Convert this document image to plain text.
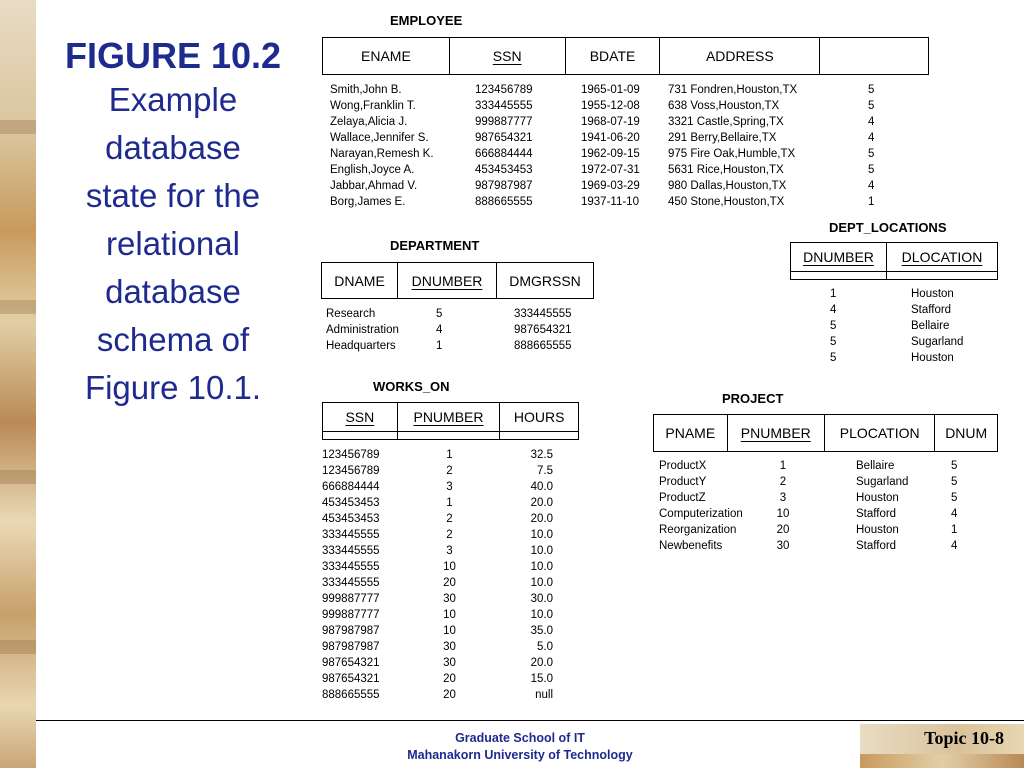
FIGURE 10.2
Example
database
state for the
relational
database
schema of
Figure 10.1.
EMPLOYEE
ENAME	SSN	BDATE	ADDRESS
Smith,John B.	123456789	1965-01-09	731 Fondren,Houston,TX	5
Wong,Franklin T.	333445555	1955-12-08	638 Voss,Houston,TX	5
Zelaya,Alicia J.	999887777	1968-07-19	3321 Castle,Spring,TX	4
Wallace,Jennifer S.	987654321	1941-06-20	291 Berry,Bellaire,TX	4
Narayan,Remesh K.	666884444	1962-09-15	975 Fire Oak,Humble,TX	5
English,Joyce A.	453453453	1972-07-31	5631 Rice,Houston,TX	5
Jabbar,Ahmad V.	987987987	1969-03-29	980 Dallas,Houston,TX	4
Borg,James E.	888665555	1937-11-10	450 Stone,Houston,TX	1
DEPARTMENT
DNAME DNUMBER DMGRSSN
Research	5	333445555
Administration	4	987654321
Headquarters	1	888665555
DEPT_LOCATIONS
DNUMBER DLOCATION
1	Houston
4	Stafford
5	Bellaire
5	Sugarland
5	Houston
WORKS_ON
SSN	PNUMBER HOURS
123456789	1	32.5
123456789	2	7.5
666884444	3	40.0
453453453	1	20.0
453453453	2	20.0
333445555	2	10.0
333445555	3	10.0
333445555	10	10.0
333445555	20	10.0
999887777	30	30.0
999887777	10	10.0
987987987	10	35.0
987987987	30	5.0
987654321	30	20.0
987654321	20	15.0
888665555	20	null
PROJECT
PNAME PNUMBER PLOCATION DNUM
ProductX	1	Bellaire	5
ProductY	2	Sugarland	5
ProductZ	3	Houston	5
Computerization	10	Stafford	4
Reorganization	20	Houston	1
Newbenefits	30	Stafford	4
Graduate School of IT
Mahanakorn University of Technology
Topic 10-8
